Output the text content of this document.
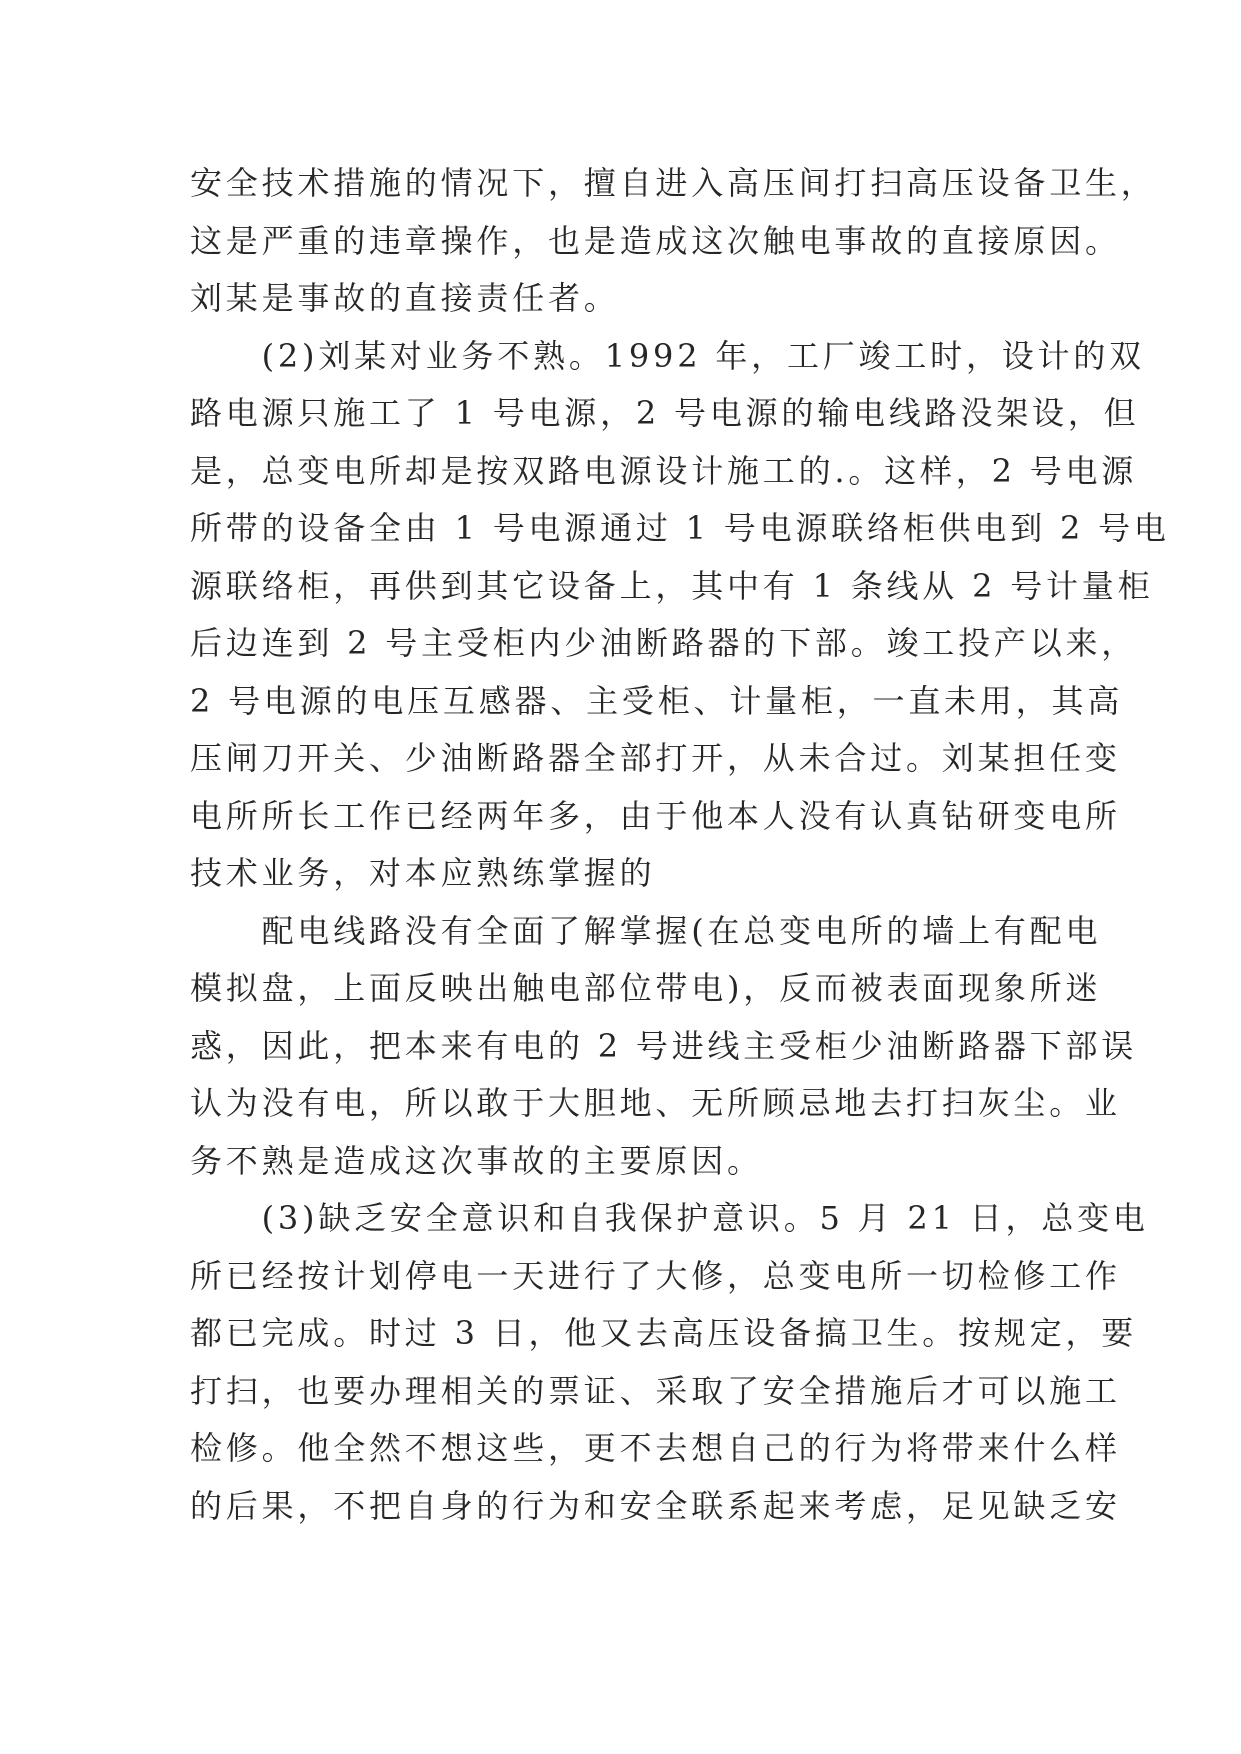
安全技术措施的情况下，擅自进入高压间打扫高压设备卫生，
这是严重的违章操作，也是造成这次触电事故的直接原因。
刘某是事故的直接责任者。
　　(2)刘某对业务不熟。1992 年，工厂竣工时，设计的双
路电源只施工了 1 号电源，2 号电源的输电线路没架设，但
是，总变电所却是按双路电源设计施工的.。这样，2 号电源
所带的设备全由 1 号电源通过 1 号电源联络柜供电到 2 号电
源联络柜，再供到其它设备上，其中有 1 条线从 2 号计量柜
后边连到 2 号主受柜内少油断路器的下部。竣工投产以来，
2 号电源的电压互感器、主受柜、计量柜，一直未用，其高
压闸刀开关、少油断路器全部打开，从未合过。刘某担任变
电所所长工作已经两年多，由于他本人没有认真钻研变电所
技术业务，对本应熟练掌握的
　　配电线路没有全面了解掌握(在总变电所的墙上有配电
模拟盘，上面反映出触电部位带电)，反而被表面现象所迷
惑，因此，把本来有电的 2 号进线主受柜少油断路器下部误
认为没有电，所以敢于大胆地、无所顾忌地去打扫灰尘。业
务不熟是造成这次事故的主要原因。
　　(3)缺乏安全意识和自我保护意识。5 月 21 日，总变电
所已经按计划停电一天进行了大修，总变电所一切检修工作
都已完成。时过 3 日，他又去高压设备搞卫生。按规定，要
打扫，也要办理相关的票证、采取了安全措施后才可以施工
检修。他全然不想这些，更不去想自己的行为将带来什么样
的后果，不把自身的行为和安全联系起来考虑，足见缺乏安
